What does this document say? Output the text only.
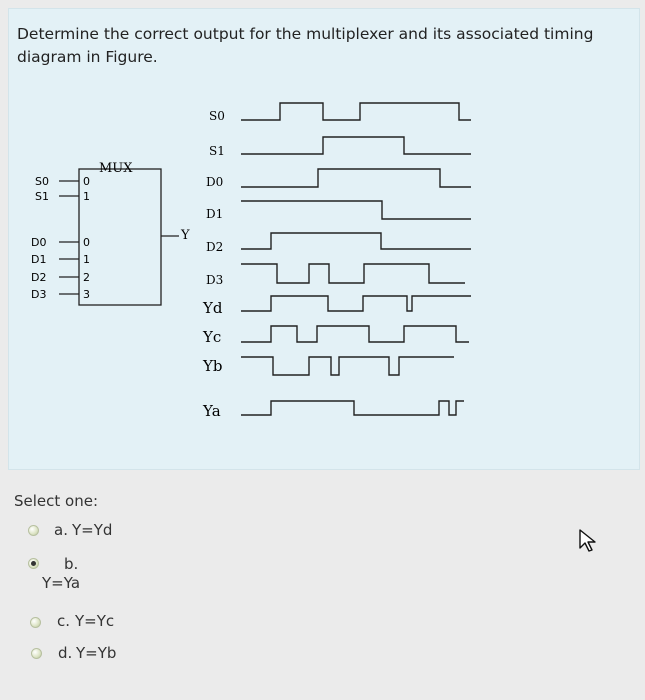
Determine the correct output for the multiplexer and its associated timing diagram in Figure.
MUX
S0
S1
0
1
D0
D1
D2
D3
0
1
2
3
Y
S0
S1
D0
D1
D2
D3
Yd
Yc
Yb
Ya
Select one:
a. Y=Yd
b.
Y=Ya
c. Y=Yc
d. Y=Yb
